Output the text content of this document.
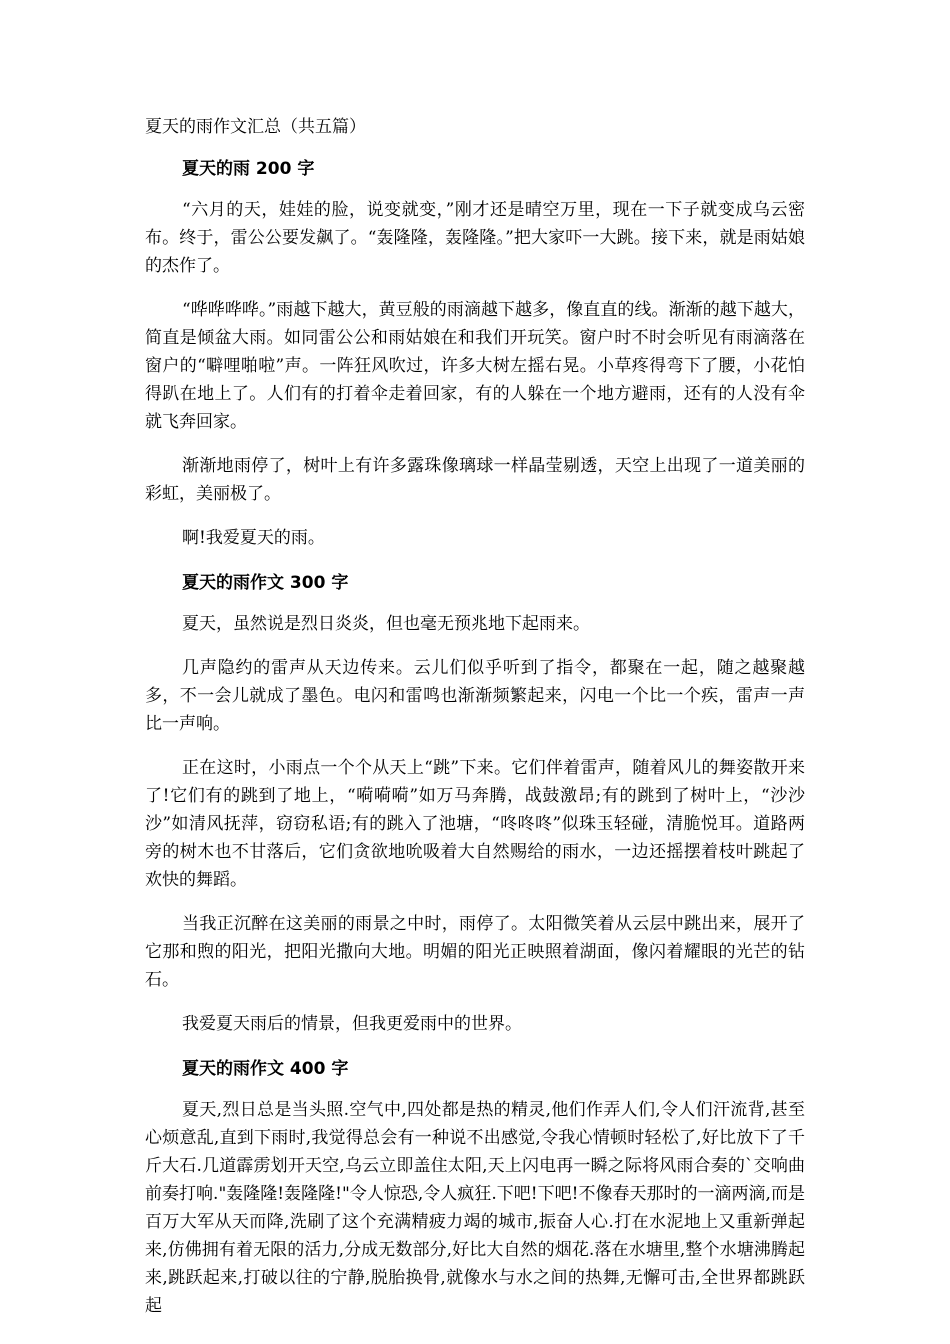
夏天的雨作文汇总（共五篇）
夏天的雨 200 字

“六月的天，娃娃的脸，说变就变，”刚才还是晴空万里，现在一下子就变成乌云密布。终于，雷公公要发飙了。“轰隆隆，轰隆隆。”把大家吓一大跳。接下来，就是雨姑娘的杰作了。

“哗哗哗哗。”雨越下越大，黄豆般的雨滴越下越多，像直直的线。渐渐的越下越大，简直是倾盆大雨。如同雷公公和雨姑娘在和我们开玩笑。窗户时不时会听见有雨滴落在窗户的“噼哩啪啦”声。一阵狂风吹过，许多大树左摇右晃。小草疼得弯下了腰，小花怕得趴在地上了。人们有的打着伞走着回家，有的人躲在一个地方避雨，还有的人没有伞就飞奔回家。

渐渐地雨停了，树叶上有许多露珠像璃球一样晶莹剔透，天空上出现了一道美丽的彩虹，美丽极了。

啊!我爱夏天的雨。

夏天的雨作文 300 字

夏天，虽然说是烈日炎炎，但也毫无预兆地下起雨来。

几声隐约的雷声从天边传来。云儿们似乎听到了指令，都聚在一起，随之越聚越多，不一会儿就成了墨色。电闪和雷鸣也渐渐频繁起来，闪电一个比一个疾，雷声一声比一声响。

正在这时，小雨点一个个从天上“跳”下来。它们伴着雷声，随着风儿的舞姿散开来了!它们有的跳到了地上，“嗬嗬嗬”如万马奔腾，战鼓激昂;有的跳到了树叶上，“沙沙沙”如清风抚萍，窃窃私语;有的跳入了池塘，“咚咚咚”似珠玉轻碰，清脆悦耳。道路两旁的树木也不甘落后，它们贪欲地吮吸着大自然赐给的雨水，一边还摇摆着枝叶跳起了欢快的舞蹈。

当我正沉醉在这美丽的雨景之中时，雨停了。太阳微笑着从云层中跳出来，展开了它那和煦的阳光，把阳光撒向大地。明媚的阳光正映照着湖面，像闪着耀眼的光芒的钻石。

我爱夏天雨后的情景，但我更爱雨中的世界。

夏天的雨作文 400 字

夏天,烈日总是当头照.空气中,四处都是热的精灵,他们作弄人们,令人们汗流背,甚至心烦意乱,直到下雨时,我觉得总会有一种说不出感觉,令我心情顿时轻松了,好比放下了千斤大石.几道霹雳划开天空,乌云立即盖住太阳,天上闪电再一瞬之际将风雨合奏的`交响曲前奏打响."轰隆隆!轰隆隆!"令人惊恐,令人疯狂.下吧!下吧!不像春天那时的一滴两滴,而是百万大军从天而降,洗刷了这个充满精疲力竭的城市,振奋人心.打在水泥地上又重新弹起来,仿佛拥有着无限的活力,分成无数部分,好比大自然的烟花.落在水塘里,整个水塘沸腾起来,跳跃起来,打破以往的宁静,脱胎换骨,就像水与水之间的热舞,无懈可击,全世界都跳跃起
